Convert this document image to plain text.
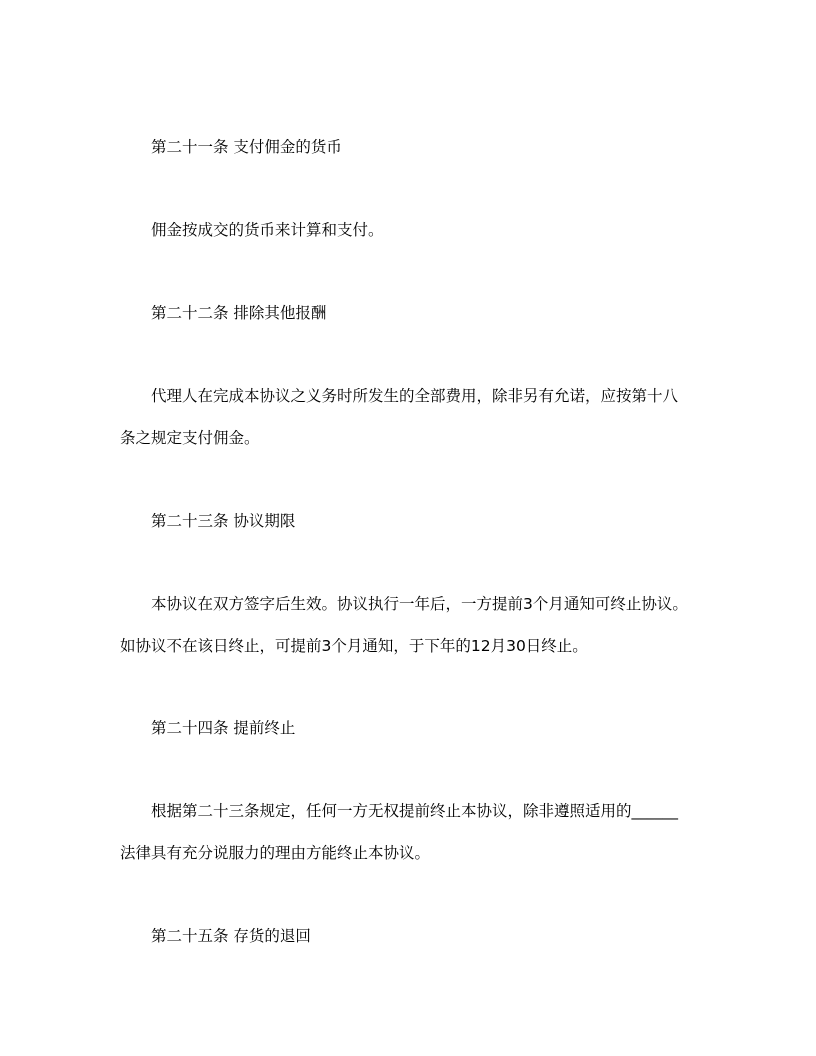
第二十一条 支付佣金的货币
佣金按成交的货币来计算和支付。
第二十二条 排除其他报酬
代理人在完成本协议之义务时所发生的全部费用，除非另有允诺，应按第十八
条之规定支付佣金。
第二十三条 协议期限
本协议在双方签字后生效。协议执行一年后，一方提前3个月通知可终止协议。
如协议不在该日终止，可提前3个月通知，于下年的12月30日终止。
第二十四条 提前终止
根据第二十三条规定，任何一方无权提前终止本协议，除非遵照适用的______
法律具有充分说服力的理由方能终止本协议。
第二十五条 存货的退回
